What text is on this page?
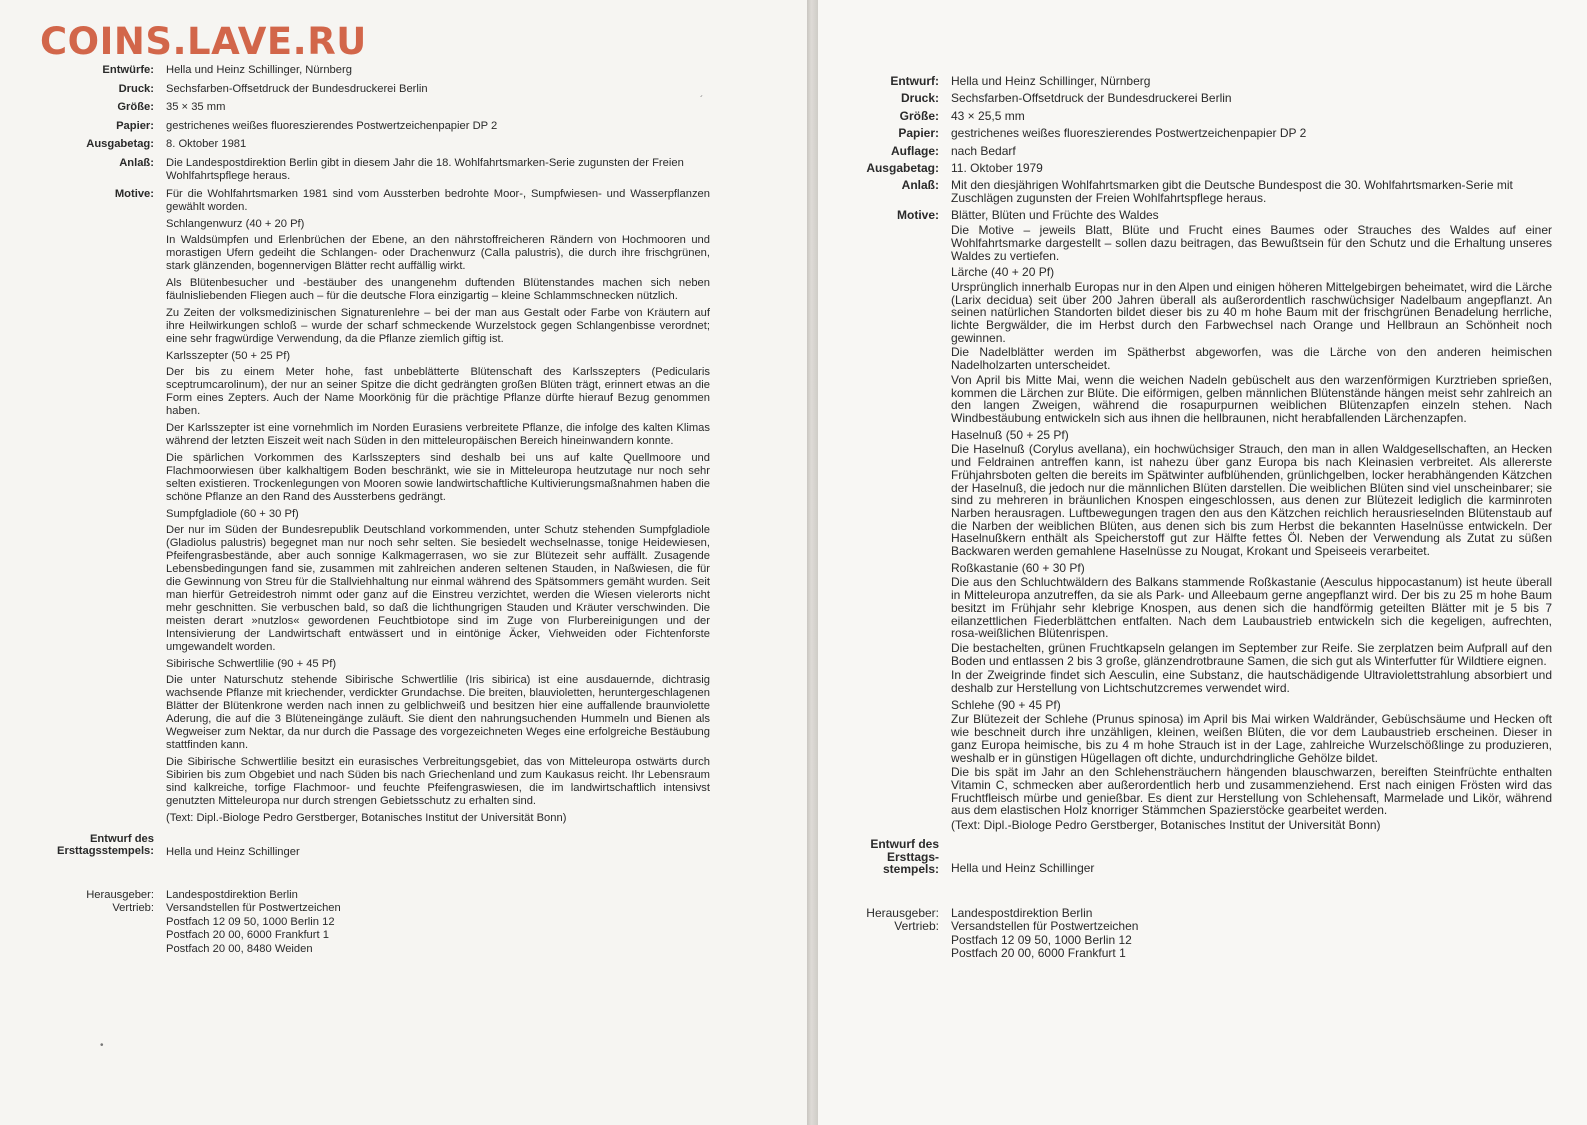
COINS.LAVE.RU
Entwürfe:	Hella und Heinz Schillinger, Nürnberg
Druck:	Sechsfarben-Offsetdruck der Bundesdruckerei Berlin
Größe:	35 × 35 mm
Papier:	gestrichenes weißes fluoreszierendes Postwertzeichenpapier DP 2
Ausgabetag:	8. Oktober 1981
Anlaß:	Die Landespostdirektion Berlin gibt in diesem Jahr die 18. Wohlfahrtsmarken-Serie zugunsten der Freien Wohlfahrtspflege heraus.
Motive:	Für die Wohlfahrtsmarken 1981 sind vom Aussterben bedrohte Moor-, Sumpfwiesen- und Wasserpflanzen gewählt worden.

Schlangenwurz (40 + 20 Pf)

In Waldsümpfen und Erlenbrüchen der Ebene, an den nährstoffreicheren Rändern von Hochmooren und morastigen Ufern gedeiht die Schlangen- oder Drachenwurz (Calla palustris), die durch ihre frischgrünen, stark glänzenden, bogennervigen Blätter recht auffällig wirkt.

Als Blütenbesucher und -bestäuber des unangenehm duftenden Blütenstandes machen sich neben fäulnisliebenden Fliegen auch – für die deutsche Flora einzigartig – kleine Schlammschnecken nützlich.

Zu Zeiten der volksmedizinischen Signaturenlehre – bei der man aus Gestalt oder Farbe von Kräutern auf ihre Heilwirkungen schloß – wurde der scharf schmeckende Wurzelstock gegen Schlangenbisse verordnet; eine sehr fragwürdige Verwendung, da die Pflanze ziemlich giftig ist.

Karlsszepter (50 + 25 Pf)

Der bis zu einem Meter hohe, fast unbeblätterte Blütenschaft des Karlsszepters (Pedicularis sceptrumcarolinum), der nur an seiner Spitze die dicht gedrängten großen Blüten trägt, erinnert etwas an die Form eines Zepters. Auch der Name Moorkönig für die prächtige Pflanze dürfte hierauf Bezug genommen haben.

Der Karlsszepter ist eine vornehmlich im Norden Eurasiens verbreitete Pflanze, die infolge des kalten Klimas während der letzten Eiszeit weit nach Süden in den mitteleuropäischen Bereich hineinwandern konnte.

Die spärlichen Vorkommen des Karlsszepters sind deshalb bei uns auf kalte Quellmoore und Flachmoorwiesen über kalkhaltigem Boden beschränkt, wie sie in Mitteleuropa heutzutage nur noch sehr selten existieren. Trockenlegungen von Mooren sowie landwirtschaftliche Kultivierungsmaßnahmen haben die schöne Pflanze an den Rand des Aussterbens gedrängt.

Sumpfgladiole (60 + 30 Pf)

Der nur im Süden der Bundesrepublik Deutschland vorkommenden, unter Schutz stehenden Sumpfgladiole (Gladiolus palustris) begegnet man nur noch sehr selten. Sie besiedelt wechselnasse, tonige Heidewiesen, Pfeifengrasbestände, aber auch sonnige Kalkmagerrasen, wo sie zur Blütezeit sehr auffällt. Zusagende Lebensbedingungen fand sie, zusammen mit zahlreichen anderen seltenen Stauden, in Naßwiesen, die für die Gewinnung von Streu für die Stallviehhaltung nur einmal während des Spätsommers gemäht wurden. Seit man hierfür Getreidestroh nimmt oder ganz auf die Einstreu verzichtet, werden die Wiesen vielerorts nicht mehr geschnitten. Sie verbuschen bald, so daß die lichthungrigen Stauden und Kräuter verschwinden. Die meisten derart »nutzlos« gewordenen Feuchtbiotope sind im Zuge von Flurbereinigungen und der Intensivierung der Landwirtschaft entwässert und in eintönige Äcker, Viehweiden oder Fichtenforste umgewandelt worden.

Sibirische Schwertlilie (90 + 45 Pf)

Die unter Naturschutz stehende Sibirische Schwertlilie (Iris sibirica) ist eine ausdauernde, dichtrasig wachsende Pflanze mit kriechender, verdickter Grundachse. Die breiten, blauvioletten, heruntergeschlagenen Blätter der Blütenkrone werden nach innen zu gelblichweiß und besitzen hier eine auffallende braunviolette Aderung, die auf die 3 Blüteneingänge zuläuft. Sie dient den nahrungsuchenden Hummeln und Bienen als Wegweiser zum Nektar, da nur durch die Passage des vorgezeichneten Weges eine erfolgreiche Bestäubung stattfinden kann.

Die Sibirische Schwertlilie besitzt ein eurasisches Verbreitungsgebiet, das von Mitteleuropa ostwärts durch Sibirien bis zum Obgebiet und nach Süden bis nach Griechenland und zum Kaukasus reicht. Ihr Lebensraum sind kalkreiche, torfige Flachmoor- und feuchte Pfeifengraswiesen, die im landwirtschaftlich intensivst genutzten Mitteleuropa nur durch strengen Gebietsschutz zu erhalten sind.

(Text: Dipl.-Biologe Pedro Gerstberger, Botanisches Institut der Universität Bonn)

Entwurf des
Ersttagsstempels:	Hella und Heinz Schillinger
Herausgeber:	Landespostdirektion Berlin
Vertrieb:	Versandstellen für Postwertzeichen
Postfach 12 09 50, 1000 Berlin 12
Postfach 20 00, 6000 Frankfurt 1
Postfach 20 00, 8480 Weiden
•
´
Entwurf:	Hella und Heinz Schillinger, Nürnberg
Druck:	Sechsfarben-Offsetdruck der Bundesdruckerei Berlin
Größe:	43 × 25,5 mm
Papier:	gestrichenes weißes fluoreszierendes Postwertzeichenpapier DP 2
Auflage:	nach Bedarf
Ausgabetag:	11. Oktober 1979
Anlaß:	Mit den diesjährigen Wohlfahrtsmarken gibt die Deutsche Bundespost die 30. Wohlfahrtsmarken-Serie mit Zuschlägen zugunsten der Freien Wohlfahrtspflege heraus.
Motive:	Blätter, Blüten und Früchte des Waldes

Die Motive – jeweils Blatt, Blüte und Frucht eines Baumes oder Strauches des Waldes auf einer Wohlfahrtsmarke dargestellt – sollen dazu beitragen, das Bewußtsein für den Schutz und die Erhaltung unseres Waldes zu vertiefen.

Lärche (40 + 20 Pf)

Ursprünglich innerhalb Europas nur in den Alpen und einigen höheren Mittelgebirgen beheimatet, wird die Lärche (Larix decidua) seit über 200 Jahren überall als außerordentlich raschwüchsiger Nadelbaum angepflanzt. An seinen natürlichen Standorten bildet dieser bis zu 40 m hohe Baum mit der frischgrünen Benadelung herrliche, lichte Bergwälder, die im Herbst durch den Farbwechsel nach Orange und Hellbraun an Schönheit noch gewinnen.

Die Nadelblätter werden im Spätherbst abgeworfen, was die Lärche von den anderen heimischen Nadelholzarten unterscheidet.

Von April bis Mitte Mai, wenn die weichen Nadeln gebüschelt aus den warzenförmigen Kurztrieben sprießen, kommen die Lärchen zur Blüte. Die eiförmigen, gelben männlichen Blütenstände hängen meist sehr zahlreich an den langen Zweigen, während die rosapurpurnen weiblichen Blütenzapfen einzeln stehen. Nach Windbestäubung entwickeln sich aus ihnen die hellbraunen, nicht herabfallenden Lärchenzapfen.

Haselnuß (50 + 25 Pf)

Die Haselnuß (Corylus avellana), ein hochwüchsiger Strauch, den man in allen Waldgesellschaften, an Hecken und Feldrainen antreffen kann, ist nahezu über ganz Europa bis nach Kleinasien verbreitet. Als allererste Frühjahrsboten gelten die bereits im Spätwinter aufblühenden, grünlichgelben, locker herabhängenden Kätzchen der Haselnuß, die jedoch nur die männlichen Blüten darstellen. Die weiblichen Blüten sind viel unscheinbarer; sie sind zu mehreren in bräunlichen Knospen eingeschlossen, aus denen zur Blütezeit lediglich die karminroten Narben herausragen. Luftbewegungen tragen den aus den Kätzchen reichlich herausrieselnden Blütenstaub auf die Narben der weiblichen Blüten, aus denen sich bis zum Herbst die bekannten Haselnüsse entwickeln. Der Haselnußkern enthält als Speicherstoff gut zur Hälfte fettes Öl. Neben der Verwendung als Zutat zu süßen Backwaren werden gemahlene Haselnüsse zu Nougat, Krokant und Speiseeis verarbeitet.

Roßkastanie (60 + 30 Pf)

Die aus den Schluchtwäldern des Balkans stammende Roßkastanie (Aesculus hippocastanum) ist heute überall in Mitteleuropa anzutreffen, da sie als Park- und Alleebaum gerne angepflanzt wird. Der bis zu 25 m hohe Baum besitzt im Frühjahr sehr klebrige Knospen, aus denen sich die handförmig geteilten Blätter mit je 5 bis 7 eilanzettlichen Fiederblättchen entfalten. Nach dem Laubaustrieb entwickeln sich die kegeligen, aufrechten, rosa-weißlichen Blütenrispen.

Die bestachelten, grünen Fruchtkapseln gelangen im September zur Reife. Sie zerplatzen beim Aufprall auf den Boden und entlassen 2 bis 3 große, glänzendrotbraune Samen, die sich gut als Winterfutter für Wildtiere eignen.

In der Zweigrinde findet sich Aesculin, eine Substanz, die hautschädigende Ultraviolettstrahlung absorbiert und deshalb zur Herstellung von Lichtschutzcremes verwendet wird.

Schlehe (90 + 45 Pf)

Zur Blütezeit der Schlehe (Prunus spinosa) im April bis Mai wirken Waldränder, Gebüschsäume und Hecken oft wie beschneit durch ihre unzähligen, kleinen, weißen Blüten, die vor dem Laubaustrieb erscheinen. Dieser in ganz Europa heimische, bis zu 4 m hohe Strauch ist in der Lage, zahlreiche Wurzelschößlinge zu produzieren, weshalb er in günstigen Hügellagen oft dichte, undurchdringliche Gehölze bildet.

Die bis spät im Jahr an den Schlehensträuchern hängenden blauschwarzen, bereiften Steinfrüchte enthalten Vitamin C, schmecken aber außerordentlich herb und zusammenziehend. Erst nach einigen Frösten wird das Fruchtfleisch mürbe und genießbar. Es dient zur Herstellung von Schlehensaft, Marmelade und Likör, während aus dem elastischen Holz knorriger Stämmchen Spazierstöcke gearbeitet werden.

(Text: Dipl.-Biologe Pedro Gerstberger, Botanisches Institut der Universität Bonn)

Entwurf des
Ersttags-
stempels:	Hella und Heinz Schillinger
Herausgeber:	Landespostdirektion Berlin
Vertrieb:	Versandstellen für Postwertzeichen
Postfach 12 09 50, 1000 Berlin 12
Postfach 20 00, 6000 Frankfurt 1
